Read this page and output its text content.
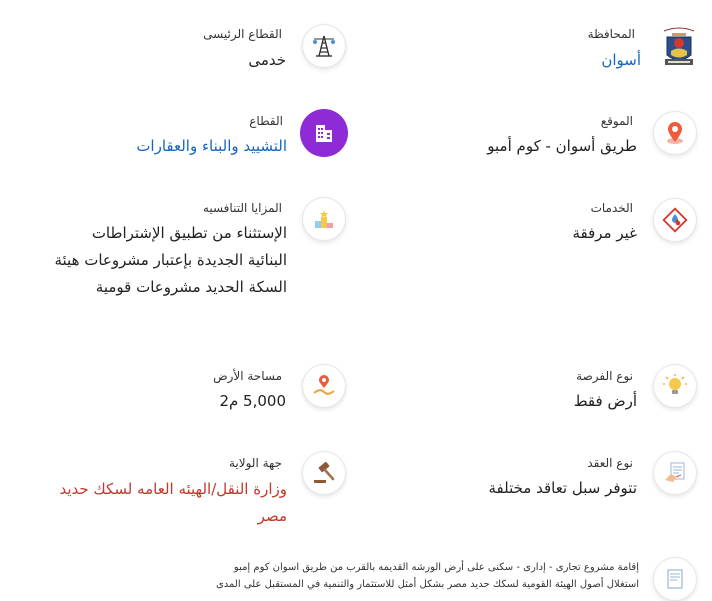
المحافظة
أسوان
القطاع الرئيسى
خدمى
الموقع
طريق أسوان - كوم أمبو
القطاع
التشييد والبناء والعقارات
الخدمات
غير مرفقة
المزايا التنافسيه
الإستثناء من تطبيق الإشتراطات
البنائية الجديدة بإعتبار مشروعات هيئة
السكة الحديد مشروعات قومية
نوع الفرصة
أرض فقط
مساحة الأرض
5,000 م2
نوع العقد
تتوفر سبل تعاقد مختلفة
جهة الولاية
وزارة النقل/الهيئه العامه لسكك حديد
مصر
إقامة مشروع تجارى - إدارى - سكنى على أرض الورشه القديمه بالقرب من طريق اسوان كوم إمبو
استغلال أصول الهيئة القومية لسكك حديد مصر بشكل أمثل للاستثمار والتنمية في المستقبل على المدى
